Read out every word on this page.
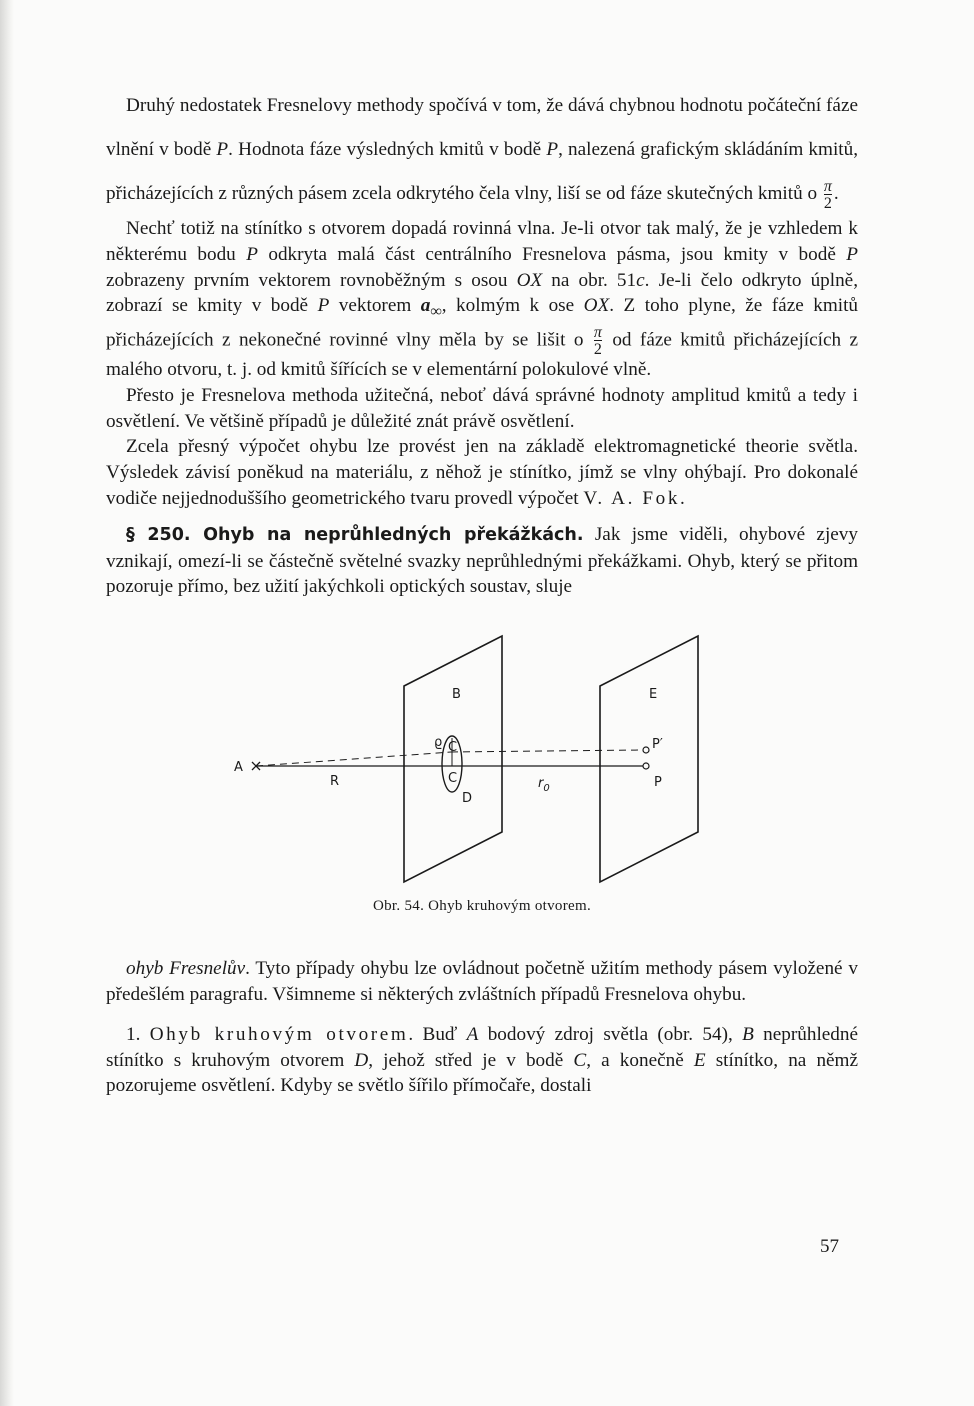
Druhý nedostatek Fresnelovy methody spočívá v tom, že dává chybnou hodnotu počáteční fáze vlnění v bodě P. Hodnota fáze výsledných kmitů v bodě P, nalezená grafickým skládáním kmitů, přicházejících z různých pásem zcela odkrytého čela vlny, liší se od fáze skutečných kmitů o $\frac{\pi}{2}$ .

Nechť totiž na stínítko s otvorem dopadá rovinná vlna. Je-li otvor tak malý, že je vzhledem k některému bodu P odkryta malá část centrálního Fresnelova pásma, jsou kmity v bodě P zobrazeny prvním vektorem rovnoběžným s osou OX na obr. 51c. Je-li čelo odkryto úplně, zobrazí se kmity v bodě P vektorem $a_\infty$, kolmým k ose OX. Z toho plyne, že fáze kmitů přicházejících z nekonečné rovinné vlny měla by se lišit o $\frac{\pi}{2}$ od fáze kmitů přicházejících z malého otvoru, t. j. od kmitů šířících se v elementární polokulové vlně.

Přesto je Fresnelova methoda užitečná, neboť dává správné hodnoty amplitud kmitů a tedy i osvětlení. Ve většině případů je důležité znát právě osvětlení.

Zcela přesný výpočet ohybu lze provést jen na základě elektromagnetické theorie světla. Výsledek závisí poněkud na materiálu, z něhož je stínítko, jímž se vlny ohýbají. Pro dokonalé vodiče nejjednoduššího geometrického tvaru provedl výpočet V. A. Fok.

§ 250. Ohyb na neprůhledných překážkách. Jak jsme viděli, ohybové zjevy vznikají, omezí-li se částečně světelné svazky neprůhlednými překážkami. Ohyb, který se přitom pozoruje přímo, bez užití jakýchkoli optických soustav, sluje

A
B	E
R	$r_0$
ϱ C
C
D
P′
P
Obr. 54. Ohyb kruhovým otvorem.

ohyb Fresnelův. Tyto případy ohybu lze ovládnout početně užitím methody pásem vyložené v předešlém paragrafu. Všimneme si některých zvláštních případů Fresnelova ohybu.

1. Ohyb kruhovým otvorem. Buď A bodový zdroj světla (obr. 54), B neprůhledné stínítko s kruhovým otvorem D, jehož střed je v bodě C, a konečně E stínítko, na němž pozorujeme osvětlení. Kdyby se světlo šířilo přímočaře, dostali

57
